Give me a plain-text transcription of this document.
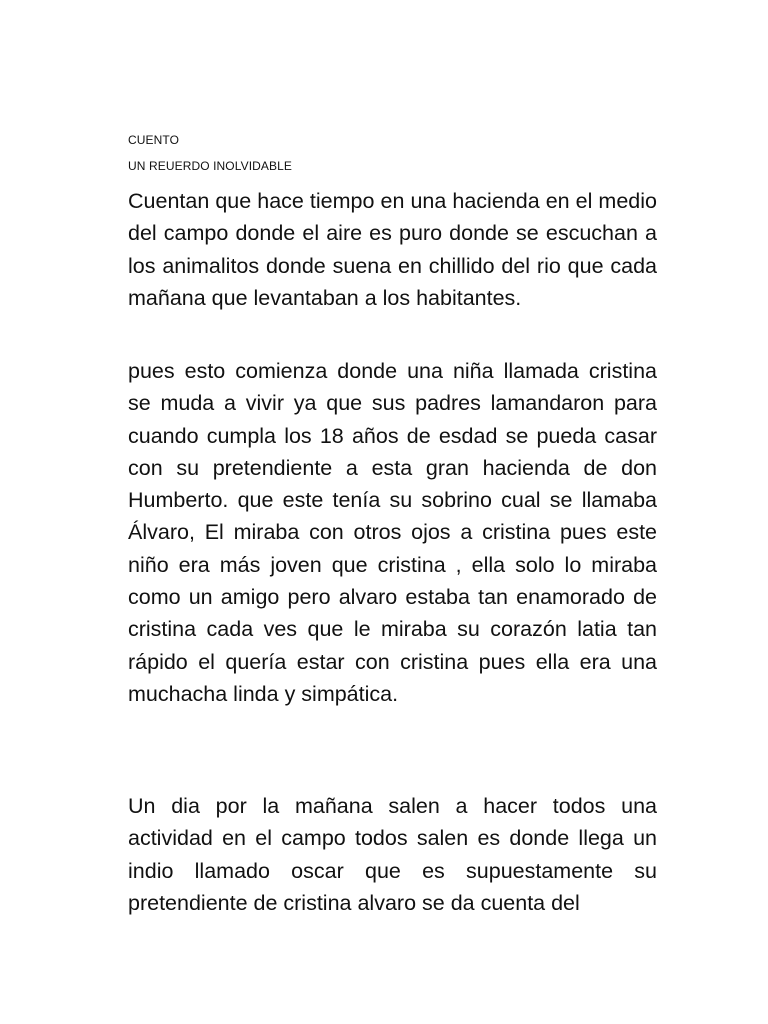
CUENTO

UN REUERDO INOLVIDABLE

Cuentan que hace tiempo en una hacienda en el medio del campo donde el aire es puro donde se escuchan a los animalitos donde suena en chillido del rio que cada mañana que levantaban a los habitantes.

pues esto comienza donde una niña llamada cristina se muda a vivir ya que sus padres lamandaron para cuando cumpla los 18 años de esdad se pueda casar con su pretendiente a esta gran hacienda de don Humberto. que este tenía su sobrino cual se llamaba Álvaro, El miraba con otros ojos a cristina pues este niño era más joven que cristina , ella solo lo miraba como un amigo pero alvaro estaba tan enamorado de cristina cada ves que le miraba su corazón latia tan rápido el quería estar con cristina pues ella era una muchacha linda y simpática.

Un dia por la mañana salen a hacer todos una actividad en el campo todos salen es donde llega un indio llamado oscar que es supuestamente su pretendiente de cristina alvaro se da cuenta del
